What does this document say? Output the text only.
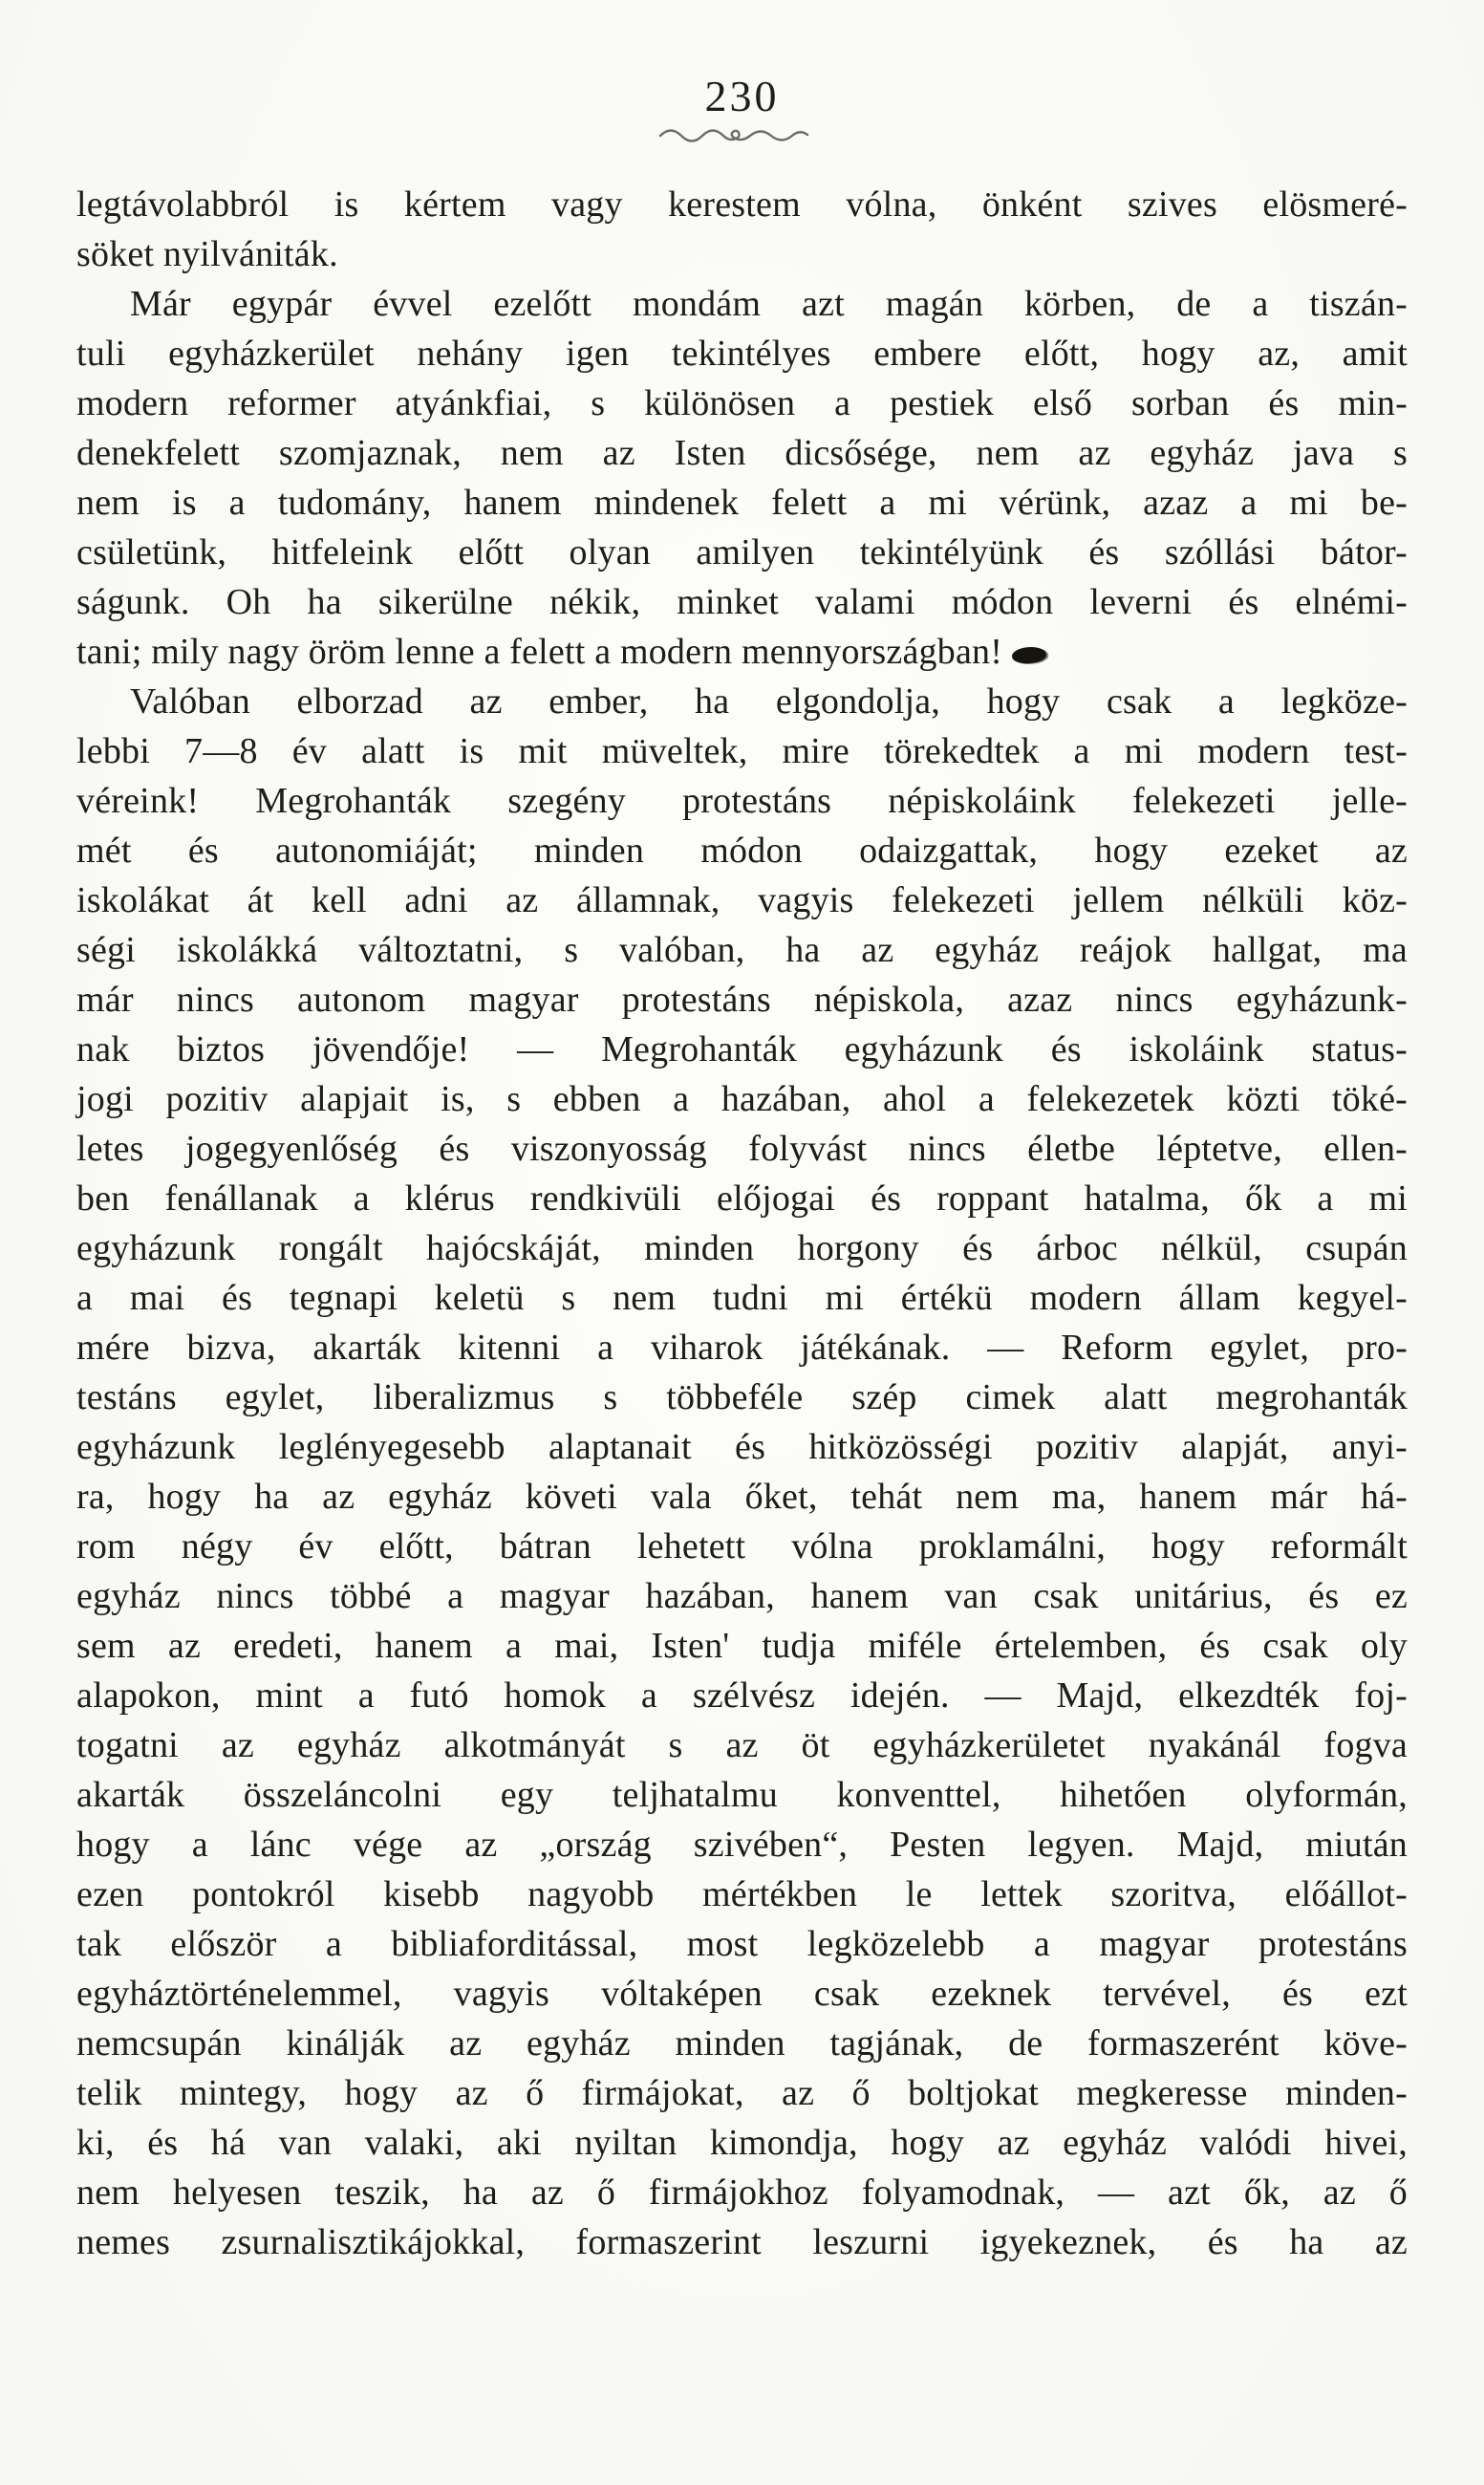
230
legtávolabbról is kértem vagy kerestem vólna, önként szives elösmeré-
söket nyilvániták.
Már egypár évvel ezelőtt mondám azt magán körben, de a tiszán-
tuli egyházkerület nehány igen tekintélyes embere előtt, hogy az, amit
modern reformer atyánkfiai, s különösen a pestiek első sorban és min-
denekfelett szomjaznak, nem az Isten dicsősége, nem az egyház java s
nem is a tudomány, hanem mindenek felett a mi vérünk, azaz a mi be-
csületünk, hitfeleink előtt olyan amilyen tekintélyünk és szóllási bátor-
ságunk. Oh ha sikerülne nékik, minket valami módon leverni és elnémi-
tani; mily nagy öröm lenne a felett a modern mennyországban!
Valóban elborzad az ember, ha elgondolja, hogy csak a legköze-
lebbi 7—8 év alatt is mit müveltek, mire törekedtek a mi modern test-
véreink! Megrohanták szegény protestáns népiskoláink felekezeti jelle-
mét és autonomiáját; minden módon odaizgattak, hogy ezeket az
iskolákat át kell adni az államnak, vagyis felekezeti jellem nélküli köz-
ségi iskolákká változtatni, s valóban, ha az egyház reájok hallgat, ma
már nincs autonom magyar protestáns népiskola, azaz nincs egyházunk-
nak biztos jövendője! — Megrohanták egyházunk és iskoláink status-
jogi pozitiv alapjait is, s ebben a hazában, ahol a felekezetek közti töké-
letes jogegyenlőség és viszonyosság folyvást nincs életbe léptetve, ellen-
ben fenállanak a klérus rendkivüli előjogai és roppant hatalma, ők a mi
egyházunk rongált hajócskáját, minden horgony és árboc nélkül, csupán
a mai és tegnapi keletü s nem tudni mi értékü modern állam kegyel-
mére bizva, akarták kitenni a viharok játékának. — Reform egylet, pro-
testáns egylet, liberalizmus s többeféle szép cimek alatt megrohanták
egyházunk leglényegesebb alaptanait és hitközösségi pozitiv alapját, anyi-
ra, hogy ha az egyház követi vala őket, tehát nem ma, hanem már há-
rom négy év előtt, bátran lehetett vólna proklamálni, hogy reformált
egyház nincs többé a magyar hazában, hanem van csak unitárius, és ez
sem az eredeti, hanem a mai, Isten' tudja miféle értelemben, és csak oly
alapokon, mint a futó homok a szélvész idején. — Majd, elkezdték foj-
togatni az egyház alkotmányát s az öt egyházkerületet nyakánál fogva
akarták összeláncolni egy teljhatalmu konventtel, hihetően olyformán,
hogy a lánc vége az „ország szivében“, Pesten legyen. Majd, miután
ezen pontokról kisebb nagyobb mértékben le lettek szoritva, előállot-
tak először a bibliaforditással, most legközelebb a magyar protestáns
egyháztörténelemmel, vagyis vóltaképen csak ezeknek tervével, és ezt
nemcsupán kinálják az egyház minden tagjának, de formaszerént köve-
telik mintegy, hogy az ő firmájokat, az ő boltjokat megkeresse minden-
ki, és há van valaki, aki nyiltan kimondja, hogy az egyház valódi hivei,
nem helyesen teszik, ha az ő firmájokhoz folyamodnak, — azt ők, az ő
nemes zsurnalisztikájokkal, formaszerint leszurni igyekeznek, és ha az
